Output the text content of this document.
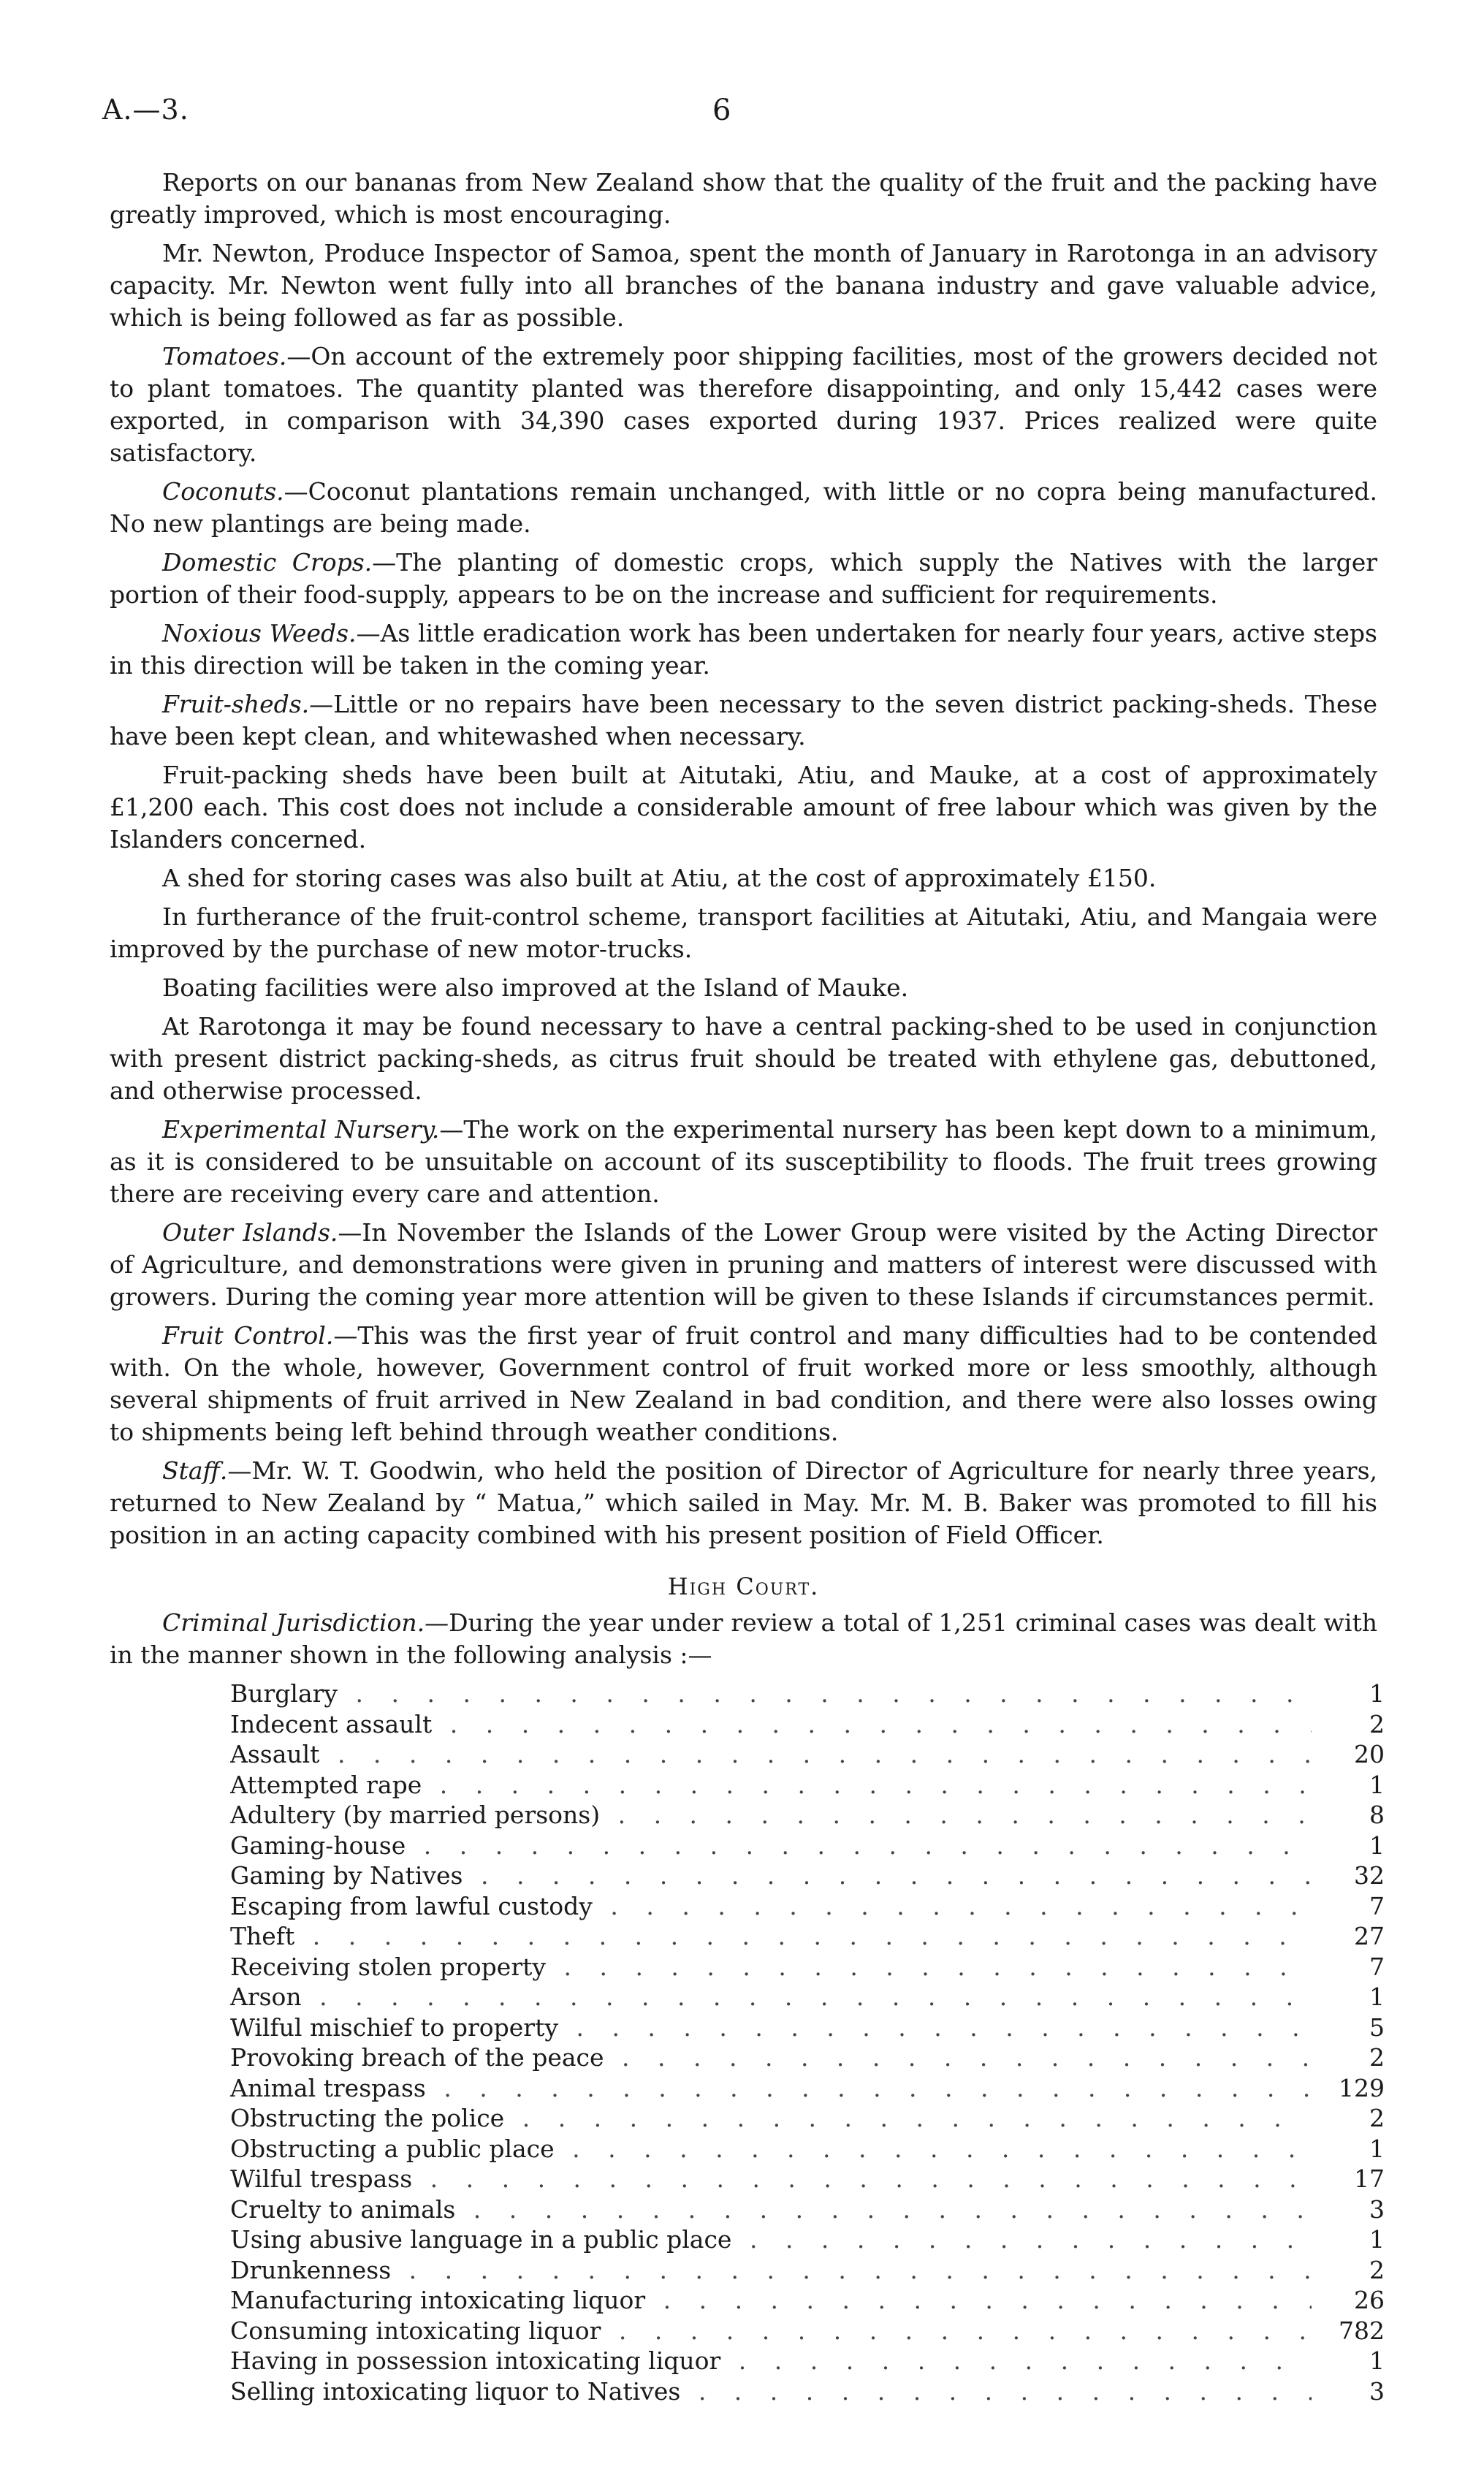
A.—3.	6

Reports on our bananas from New Zealand show that the quality of the fruit and the packing have greatly improved, which is most encouraging.

Mr. Newton, Produce Inspector of Samoa, spent the month of January in Rarotonga in an advisory capacity. Mr. Newton went fully into all branches of the banana industry and gave valuable advice, which is being followed as far as possible.

Tomatoes.—On account of the extremely poor shipping facilities, most of the growers decided not to plant tomatoes. The quantity planted was therefore disappointing, and only 15,442 cases were exported, in comparison with 34,390 cases exported during 1937. Prices realized were quite satisfactory.

Coconuts.—Coconut plantations remain unchanged, with little or no copra being manufactured. No new plantings are being made.

Domestic Crops.—The planting of domestic crops, which supply the Natives with the larger portion of their food-supply, appears to be on the increase and sufficient for requirements.

Noxious Weeds.—As little eradication work has been undertaken for nearly four years, active steps in this direction will be taken in the coming year.

Fruit-sheds.—Little or no repairs have been necessary to the seven district packing-sheds. These have been kept clean, and whitewashed when necessary.

Fruit-packing sheds have been built at Aitutaki, Atiu, and Mauke, at a cost of approximately £1,200 each. This cost does not include a considerable amount of free labour which was given by the Islanders concerned.

A shed for storing cases was also built at Atiu, at the cost of approximately £150.

In furtherance of the fruit-control scheme, transport facilities at Aitutaki, Atiu, and Mangaia were improved by the purchase of new motor-trucks.

Boating facilities were also improved at the Island of Mauke.

At Rarotonga it may be found necessary to have a central packing-shed to be used in conjunction with present district packing-sheds, as citrus fruit should be treated with ethylene gas, debuttoned, and otherwise processed.

Experimental Nursery.—The work on the experimental nursery has been kept down to a minimum, as it is considered to be unsuitable on account of its susceptibility to floods. The fruit trees growing there are receiving every care and attention.

Outer Islands.—In November the Islands of the Lower Group were visited by the Acting Director of Agriculture, and demonstrations were given in pruning and matters of interest were discussed with growers. During the coming year more attention will be given to these Islands if circumstances permit.

Fruit Control.—This was the first year of fruit control and many difficulties had to be contended with. On the whole, however, Government control of fruit worked more or less smoothly, although several shipments of fruit arrived in New Zealand in bad condition, and there were also losses owing to shipments being left behind through weather conditions.

Staff.—Mr. W. T. Goodwin, who held the position of Director of Agriculture for nearly three years, returned to New Zealand by “ Matua,” which sailed in May. Mr. M. B. Baker was promoted to fill his position in an acting capacity combined with his present position of Field Officer.

High Court.

Criminal Jurisdiction.—During the year under review a total of 1,251 criminal cases was dealt with in the manner shown in the following analysis :—

Burglary . .	1
Indecent assault . .	2
Assault . .	20
Attempted rape . .	1
Adultery (by married persons) . .	8
Gaming-house . .	1
Gaming by Natives . .	32
Escaping from lawful custody . .	7
Theft . .	27
Receiving stolen property . .	7
Arson . .	1
Wilful mischief to property . .	5
Provoking breach of the peace . .	2
Animal trespass . .	129
Obstructing the police . .	2
Obstructing a public place . .	1
Wilful trespass . .	17
Cruelty to animals . .	3
Using abusive language in a public place . .	1
Drunkenness . .	2
Manufacturing intoxicating liquor . .	26
Consuming intoxicating liquor . .	782
Having in possession intoxicating liquor . .	1
Selling intoxicating liquor to Natives . .	3
